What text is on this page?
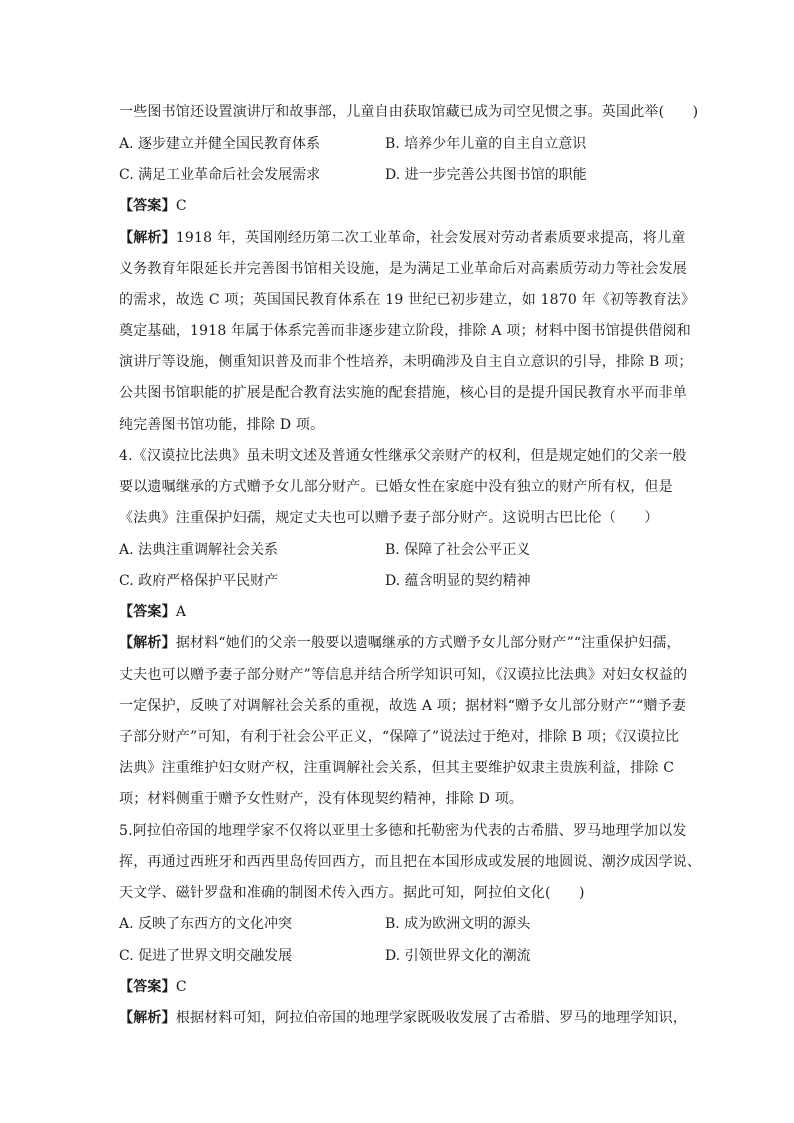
一些图书馆还设置演讲厅和故事部，儿童自由获取馆藏已成为司空见惯之事。英国此举(　　)
A. 逐步建立并健全国民教育体系	B. 培养少年儿童的自主自立意识
C. 满足工业革命后社会发展需求	D. 进一步完善公共图书馆的职能
【答案】C
【解析】1918 年，英国刚经历第二次工业革命，社会发展对劳动者素质要求提高，将儿童
义务教育年限延长并完善图书馆相关设施，是为满足工业革命后对高素质劳动力等社会发展
的需求，故选 C 项；英国国民教育体系在 19 世纪已初步建立，如 1870 年《初等教育法》
奠定基础，1918 年属于体系完善而非逐步建立阶段，排除 A 项；材料中图书馆提供借阅和
演讲厅等设施，侧重知识普及而非个性培养，未明确涉及自主自立意识的引导，排除 B 项；
公共图书馆职能的扩展是配合教育法实施的配套措施，核心目的是提升国民教育水平而非单
纯完善图书馆功能，排除 D 项。
4.《汉谟拉比法典》虽未明文述及普通女性继承父亲财产的权利，但是规定她们的父亲一般
要以遗嘱继承的方式赠予女儿部分财产。已婚女性在家庭中没有独立的财产所有权，但是
《法典》注重保护妇孺，规定丈夫也可以赠予妻子部分财产。这说明古巴比伦（　　）
A. 法典注重调解社会关系	B. 保障了社会公平正义
C. 政府严格保护平民财产	D. 蕴含明显的契约精神
【答案】A
【解析】据材料“她们的父亲一般要以遗嘱继承的方式赠予女儿部分财产”“注重保护妇孺，
丈夫也可以赠予妻子部分财产”等信息并结合所学知识可知，《汉谟拉比法典》对妇女权益的
一定保护，反映了对调解社会关系的重视，故选 A 项；据材料“赠予女儿部分财产”“赠予妻
子部分财产”可知，有利于社会公平正义，“保障了”说法过于绝对，排除 B 项；《汉谟拉比
法典》注重维护妇女财产权，注重调解社会关系，但其主要维护奴隶主贵族利益，排除 C
项；材料侧重于赠予女性财产，没有体现契约精神，排除 D 项。
5.阿拉伯帝国的地理学家不仅将以亚里士多德和托勒密为代表的古希腊、罗马地理学加以发
挥，再通过西班牙和西西里岛传回西方，而且把在本国形成或发展的地圆说、潮汐成因学说、
天文学、磁针罗盘和准确的制图术传入西方。据此可知，阿拉伯文化(　　)
A. 反映了东西方的文化冲突	B. 成为欧洲文明的源头
C. 促进了世界文明交融发展	D. 引领世界文化的潮流
【答案】C
【解析】根据材料可知，阿拉伯帝国的地理学家既吸收发展了古希腊、罗马的地理学知识，
